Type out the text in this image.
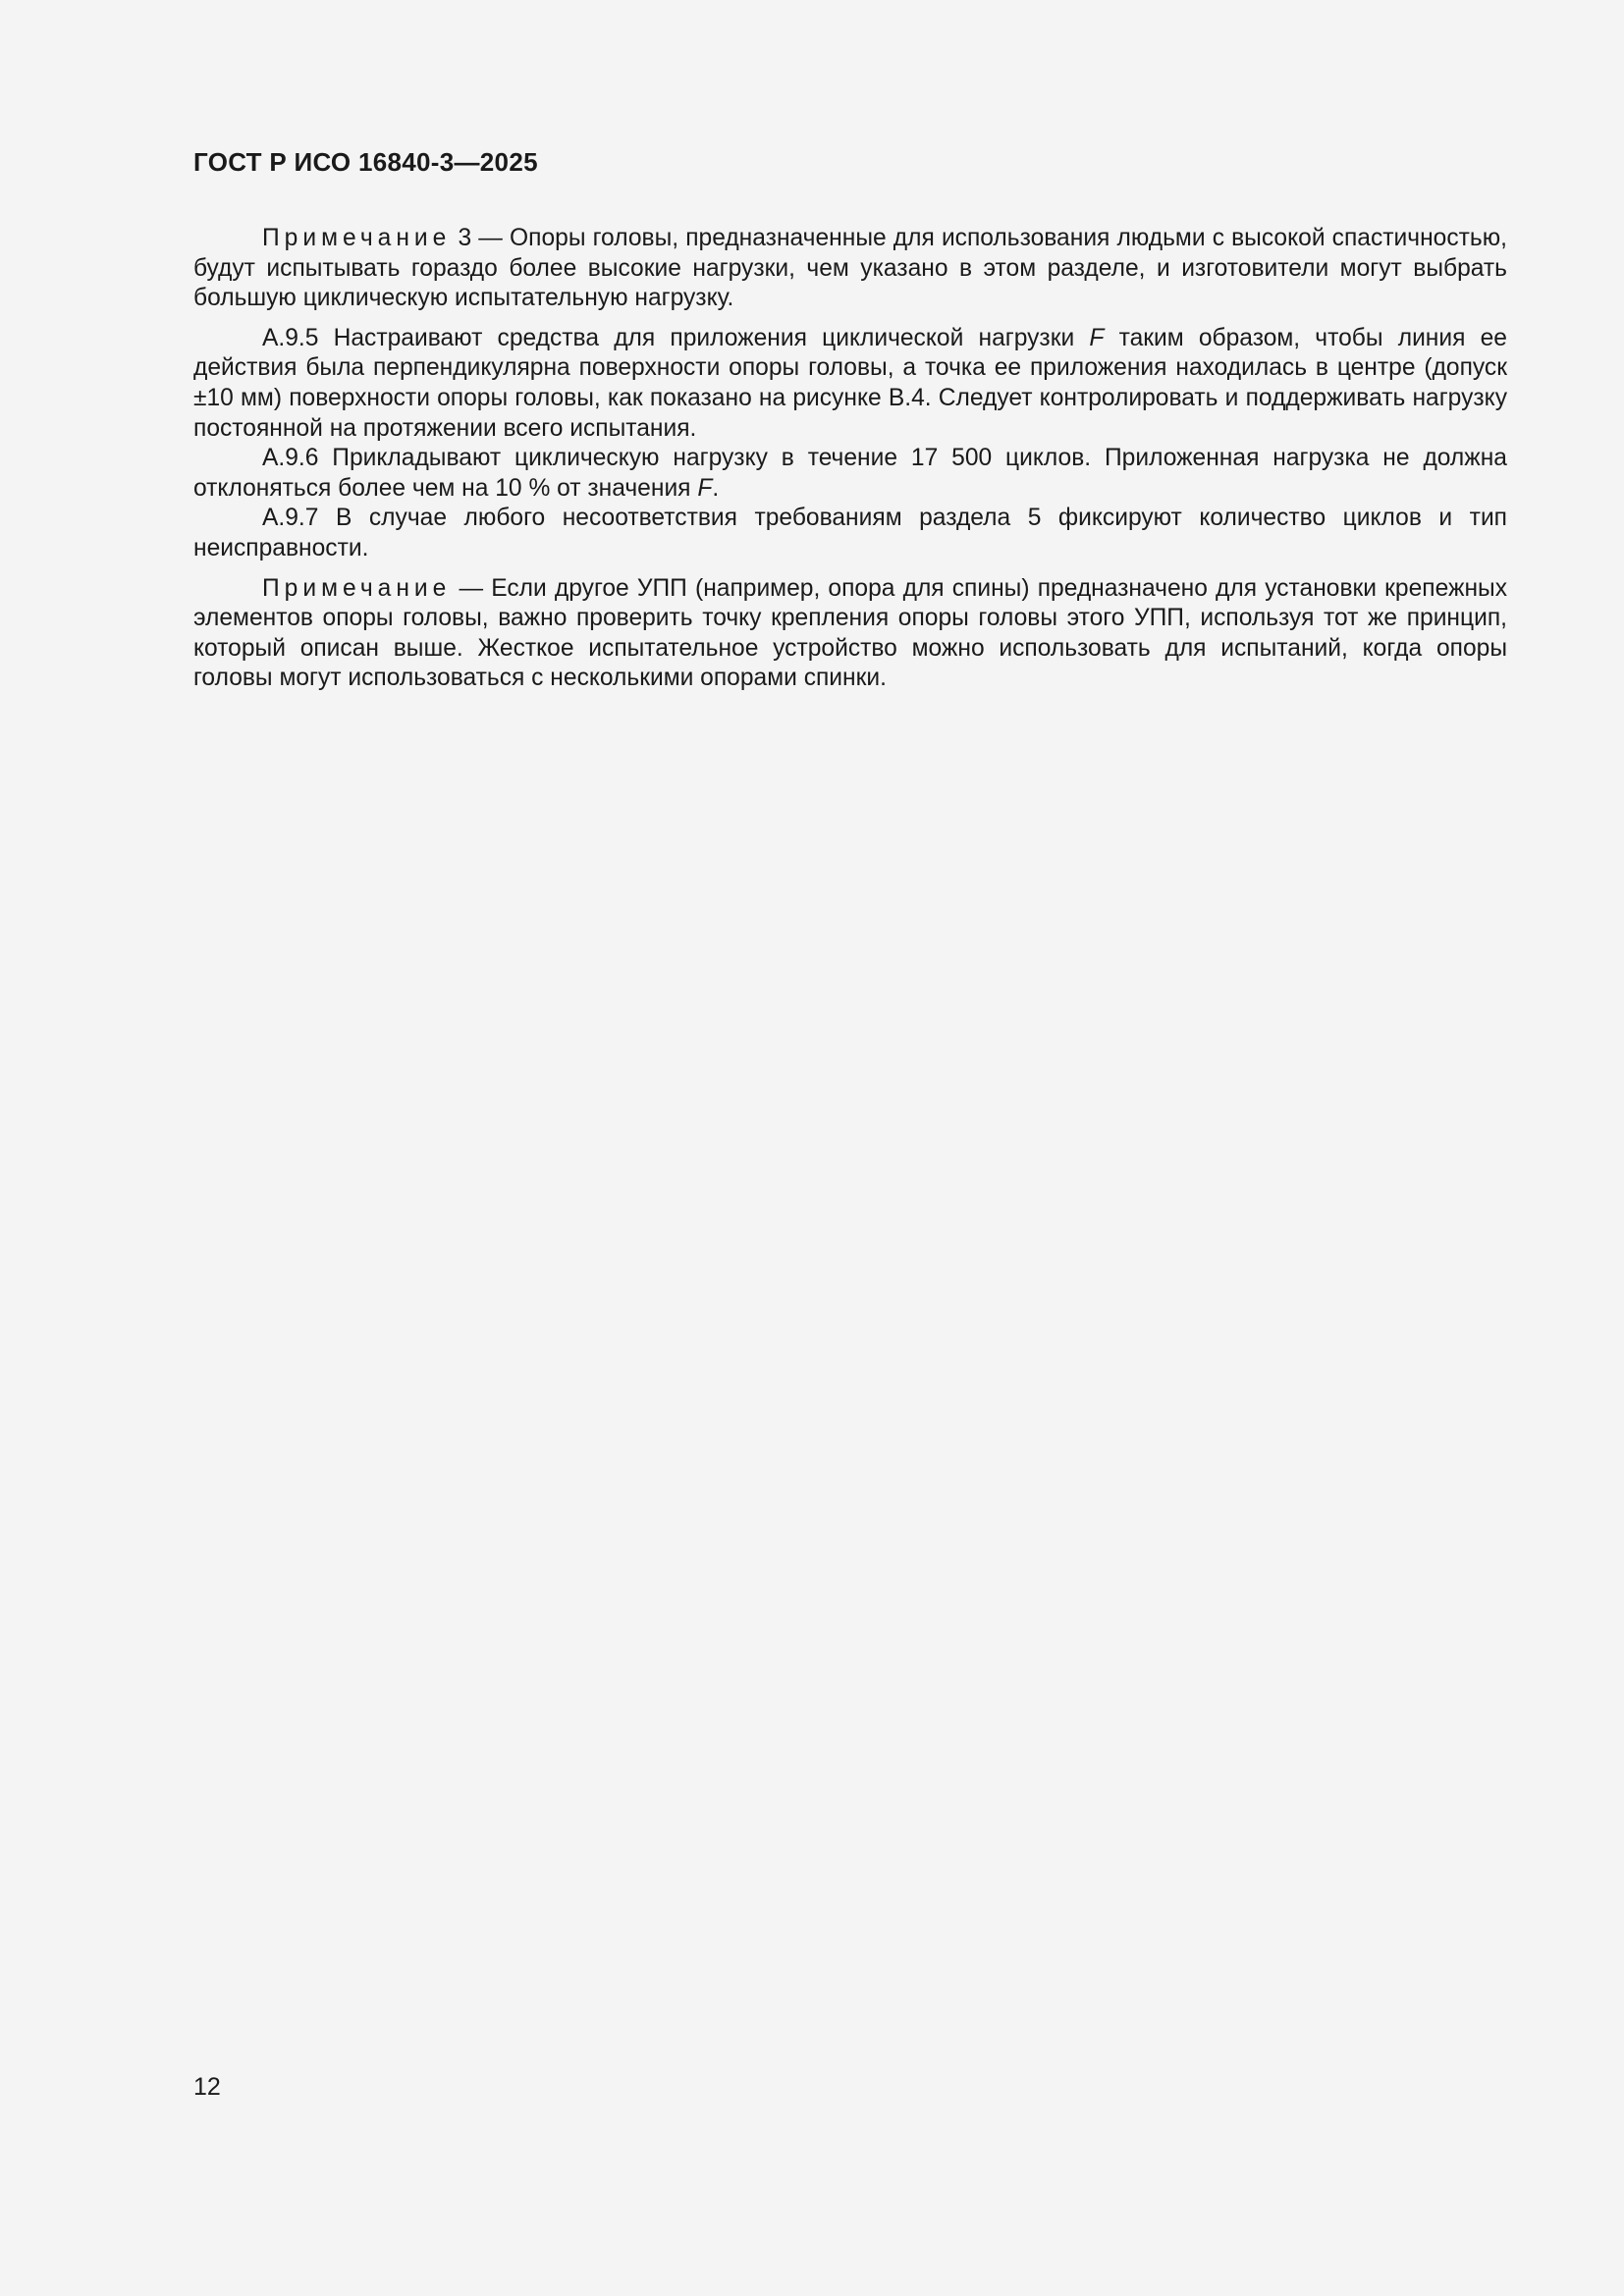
ГОСТ Р ИСО 16840-3—2025

Примечание 3 — Опоры головы, предназначенные для использования людьми с высокой спастичностью, будут испытывать гораздо более высокие нагрузки, чем указано в этом разделе, и изготовители могут выбрать большую циклическую испытательную нагрузку.

А.9.5 Настраивают средства для приложения циклической нагрузки F таким образом, чтобы линия ее действия была перпендикулярна поверхности опоры головы, а точка ее приложения находилась в центре (допуск ±10 мм) поверхности опоры головы, как показано на рисунке В.4. Следует контролировать и поддерживать нагрузку постоянной на протяжении всего испытания.

А.9.6 Прикладывают циклическую нагрузку в течение 17 500 циклов. Приложенная нагрузка не должна отклоняться более чем на 10 % от значения F.

А.9.7 В случае любого несоответствия требованиям раздела 5 фиксируют количество циклов и тип неисправности.

Примечание — Если другое УПП (например, опора для спины) предназначено для установки крепежных элементов опоры головы, важно проверить точку крепления опоры головы этого УПП, используя тот же принцип, который описан выше. Жесткое испытательное устройство можно использовать для испытаний, когда опоры головы могут использоваться с несколькими опорами спинки.

12
